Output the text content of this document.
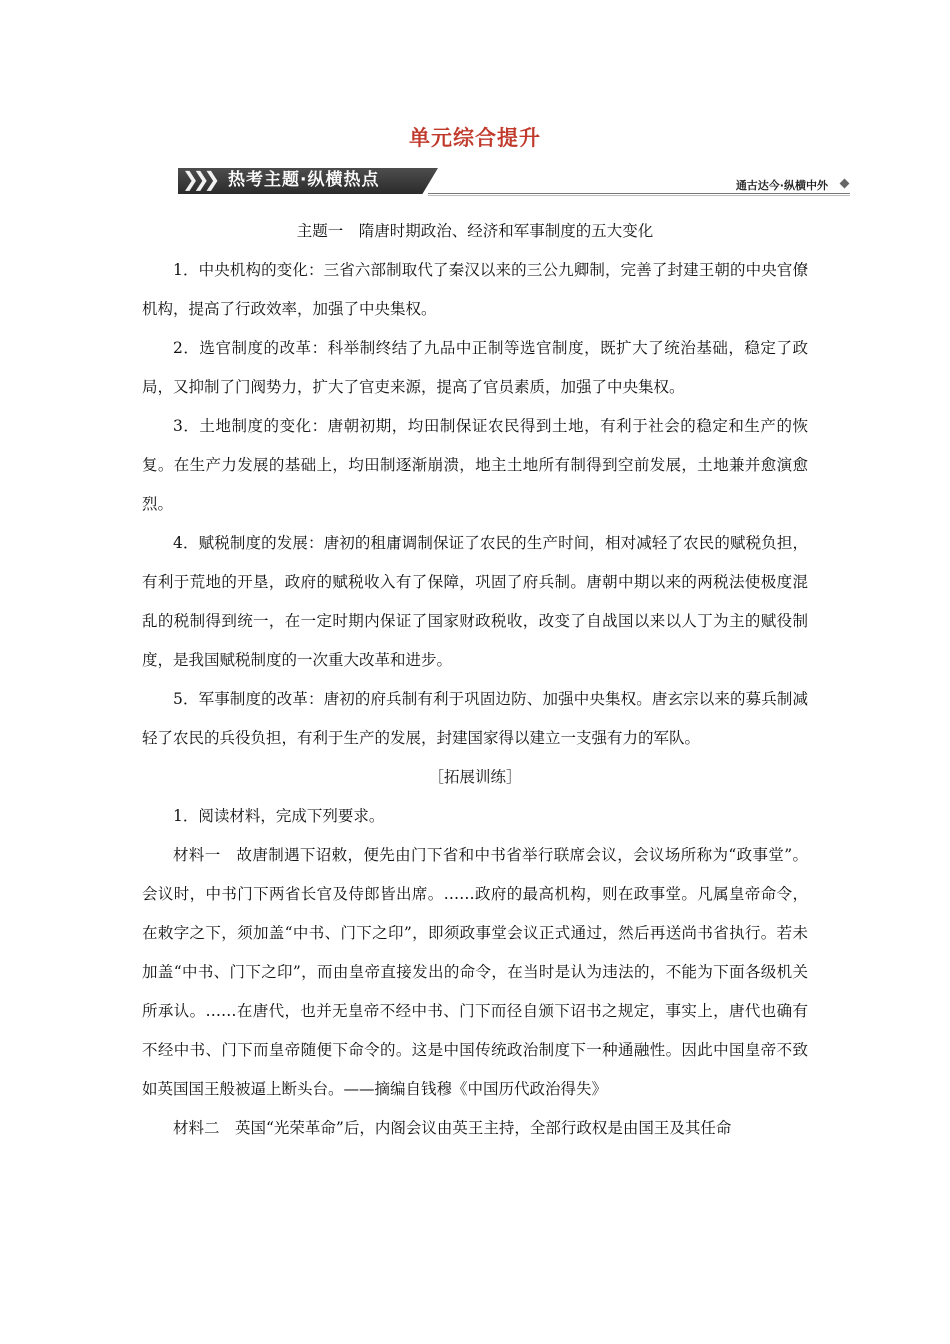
单元综合提升
❯❯❯ 热考主题·纵横热点	通古达今·纵横中外
主题一　隋唐时期政治、经济和军事制度的五大变化
1．中央机构的变化：三省六部制取代了秦汉以来的三公九卿制，完善了封建王朝的中央官僚机构，提高了行政效率，加强了中央集权。
2．选官制度的改革：科举制终结了九品中正制等选官制度，既扩大了统治基础，稳定了政局，又抑制了门阀势力，扩大了官吏来源，提高了官员素质，加强了中央集权。
3．土地制度的变化：唐朝初期，均田制保证农民得到土地，有利于社会的稳定和生产的恢复。在生产力发展的基础上，均田制逐渐崩溃，地主土地所有制得到空前发展，土地兼并愈演愈烈。
4．赋税制度的发展：唐初的租庸调制保证了农民的生产时间，相对减轻了农民的赋税负担，有利于荒地的开垦，政府的赋税收入有了保障，巩固了府兵制。唐朝中期以来的两税法使极度混乱的税制得到统一，在一定时期内保证了国家财政税收，改变了自战国以来以人丁为主的赋役制度，是我国赋税制度的一次重大改革和进步。
5．军事制度的改革：唐初的府兵制有利于巩固边防、加强中央集权。唐玄宗以来的募兵制减轻了农民的兵役负担，有利于生产的发展，封建国家得以建立一支强有力的军队。
［拓展训练］
1．阅读材料，完成下列要求。
材料一　故唐制遇下诏敕，便先由门下省和中书省举行联席会议，会议场所称为“政事堂”。会议时，中书门下两省长官及侍郎皆出席。……政府的最高机构，则在政事堂。凡属皇帝命令，在敕字之下，须加盖“中书、门下之印”，即须政事堂会议正式通过，然后再送尚书省执行。若未加盖“中书、门下之印”，而由皇帝直接发出的命令，在当时是认为违法的，不能为下面各级机关所承认。……在唐代，也并无皇帝不经中书、门下而径自颁下诏书之规定，事实上，唐代也确有不经中书、门下而皇帝随便下命令的。这是中国传统政治制度下一种通融性。因此中国皇帝不致如英国国王般被逼上断头台。——摘编自钱穆《中国历代政治得失》
材料二　英国“光荣革命”后，内阁会议由英王主持，全部行政权是由国王及其任命
